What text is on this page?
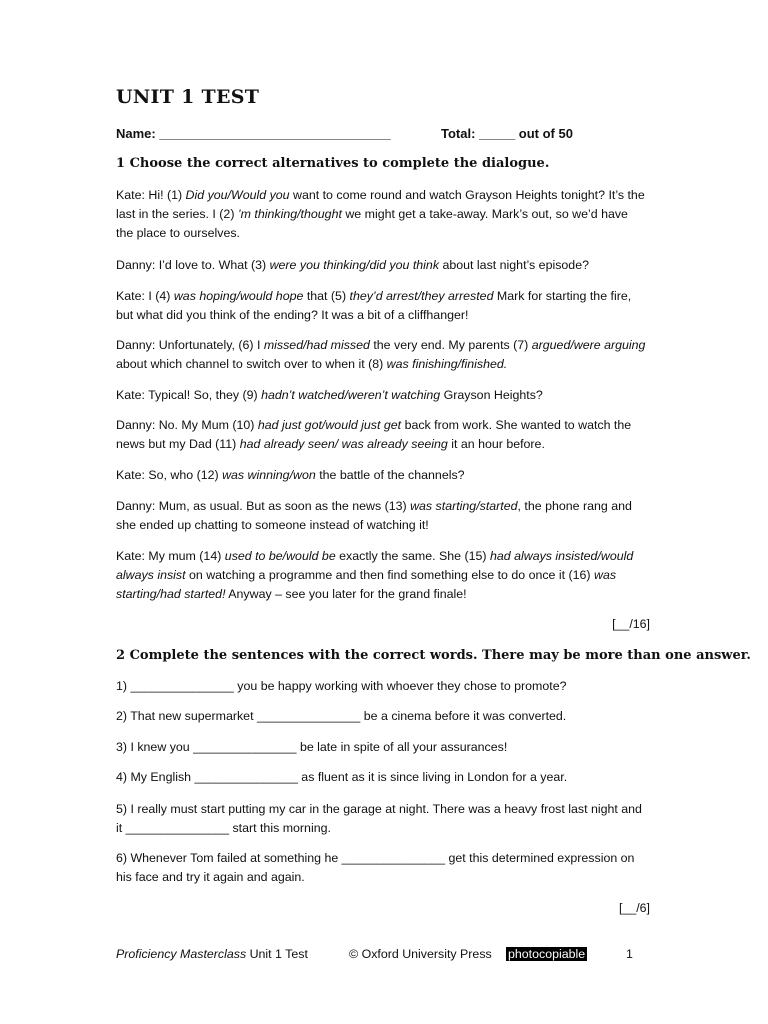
UNIT 1 TEST
Name: ________________________________	Total: _____ out of 50
1 Choose the correct alternatives to complete the dialogue.
Kate: Hi! (1) Did you/Would you want to come round and watch Grayson Heights tonight? It’s the last in the series. I (2) ’m thinking/thought we might get a take-away. Mark’s out, so we’d have the place to ourselves.
Danny: I’d love to. What (3) were you thinking/did you think about last night’s episode?
Kate: I (4) was hoping/would hope that (5) they’d arrest/they arrested Mark for starting the fire, but what did you think of the ending? It was a bit of a cliffhanger!
Danny: Unfortunately, (6) I missed/had missed the very end. My parents (7) argued/were arguing about which channel to switch over to when it (8) was finishing/finished.
Kate: Typical! So, they (9) hadn’t watched/weren’t watching Grayson Heights?
Danny: No. My Mum (10) had just got/would just get back from work. She wanted to watch the news but my Dad (11) had already seen/ was already seeing it an hour before.
Kate: So, who (12) was winning/won the battle of the channels?
Danny: Mum, as usual. But as soon as the news (13) was starting/started, the phone rang and she ended up chatting to someone instead of watching it!
Kate: My mum (14) used to be/would be exactly the same. She (15) had always insisted/would always insist on watching a programme and then find something else to do once it (16) was starting/had started! Anyway – see you later for the grand finale!
[__/16]
2 Complete the sentences with the correct words. There may be more than one answer.
1) _______________ you be happy working with whoever they chose to promote?
2) That new supermarket _______________ be a cinema before it was converted.
3) I knew you _______________ be late in spite of all your assurances!
4) My English _______________ as fluent as it is since living in London for a year.
5) I really must start putting my car in the garage at night. There was a heavy frost last night and it _______________ start this morning.
6) Whenever Tom failed at something he _______________ get this determined expression on his face and try it again and again.
[__/6]
Proficiency Masterclass Unit 1 Test	© Oxford University Press photocopiable	1
